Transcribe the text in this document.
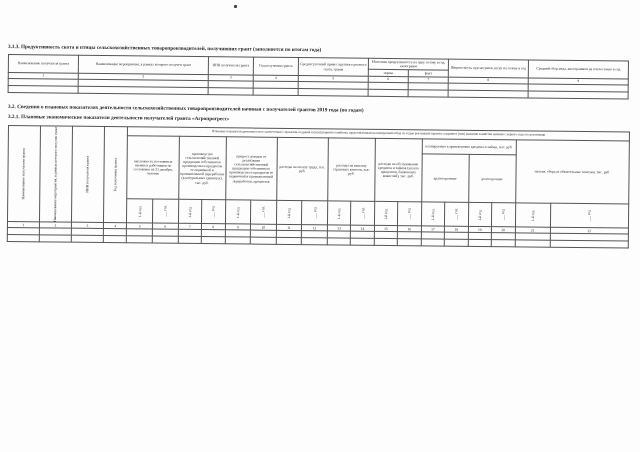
3.1.3. Продуктивность скота и птицы сельскохозяйственных товаропроизводителей, получивших грант (заполняется по итогам года)
Наименование получателя гранта	Наименование мероприятия, в рамках которого получен грант	ИНН получателя гранта	Год получения гранта	Среднесуточный привес крупного рогатого скота, грамм	Молочная продуктивность на одну голову в год, килограмм		Яйценоскость кур-несушек, штук на голову в год	Средний сбор меда, килограммов на пчелосемью в год
					норма	факт		
1	2	3	4	5	6	7	8	9

3.2. Сведения о плановых показателях деятельности сельскохозяйственных товаропроизводителей начиная с получателей грантов 2019 года (по годам)
3.2.1. Плановые экономические показатели деятельности получателей гранта «Агропрогресс»
Наименование получателя гранта	Наименование мероприятия, в рамках которого получен грант	ИНН получателя гранта	Год получения гранта	Плановые показатели деятельности в соответствии с проектом создания и (или) развития хозяйства, представленным на конкурсный отбор по годам реализации проекта создания и (или) развития хозяйства начиная с первого года его реализации																	
				численность постоянных наемных работников по состоянию на 31 декабря, человек		производство сельскохозяйственной продукции собственного производства и продуктов ее первичной и промышленной переработки (в натуральных единицах), тыс. руб.		прирост доходов от реализации сельскохозяйственной продукции собственного производства и продуктов ее первичной и промышленной переработки, процентов		расходы на оплату труда, тыс. руб.		расходы на выплату страховых взносов, тыс. руб.		расходы на обслуживание кредитов и займов (уплата процентов, банковских комиссий), тыс. руб.		планируемые к привлечению кредиты и займы, тыс. руб.				налоги, сборы и обязательные платежи, тыс. руб.	
																краткосрочные		долгосрочные			

				1-й год	___ год	1-й год	___ год	1-й год	___ год	1-й год	___ год	1-й год	___ год	1-й год	___ год	1-й год	___ год	1-й год	___ год	1-й год	___ год

1	2	3	4	5	6	7	8	9	10	11	12	13	14	15	16	17	18	19	20	21	22
